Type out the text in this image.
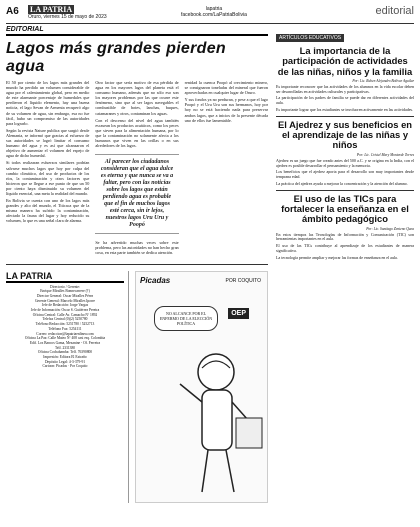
A6 LA PATRIA
Oruro, viernes 15 de mayo de 2023
lapatria
facebook.com/LaPatriaBolivia	editorial
EDITORIAL
Lagos más grandes pierden agua

El 50 por ciento de los lagos más grandes del mundo ha perdido un volumen considerable de agua por el calentamiento global, pero en medio de este alarmante porcentaje de humedales que perdieron el líquido elemento, hay una buena noticia, el lago Sevan de Armenia recuperó algo de su volumen de agua, sin embargo, esa no fue fácil, hubo un compromiso de las autoridades para lograrlo.

Según la revista Nature publica que surgió desde Alemania, se informó que gracias al esfuerzo de sus autoridades se logró limitar el consumo humano del agua y es así que alcanzaron el objetivo de aumentar el volumen del espejo de agua de dicho humedal.

Si todos realizaran esfuerzos similares podrían salvarse muchos lagos que hoy por culpa del cambio climático, del uso de productos de los ríos, la contaminación y otros factores que hicieron que se llegue a ese punto de que un 50 por ciento haya disminuido su volumen del líquido esencial, una meta la realidad del mundo.

En Bolivia se cuenta con uno de los lagos más grandes y alto del mundo, el Titicaca que de la misma manera ha sufrido la contaminación, afectado la fauna del lugar y hoy reducido su volumen, lo que es una señal clara de alarma.

Otro factor que sería motivo de esa pérdida de agua en los mayores lagos del planeta está el consumo humano, además que no sólo eso son los mayores problemas por las que ocurre este fenómeno, sino que al ser lagos navegables el combustible de botes, lanchas, buques, catamaranes y otros, contaminan los aguas.

Con el descenso del nivel del agua también escasean los productos acuáticos, como los peces que sirven para la alimentación humana, por lo que la contaminación no solamente afecta a los humanos que viven en las orillas o en sus alrededores de los lagos.

Al parecer los ciudadanos consideran que el agua dulce es eterna y que nunca se va a faltar, pero con las noticias sobre los lagos que están perdiendo agua es probable que el fin de muchos lagos esté cerca, sin ir lejos, nuestros lagos Uru Uru y Poopó

Se ha advertido muchas veces sobre este problema, pero las autoridades no han hecho gran cosa, en esta parte también se dedica atención.

renidad la cuenca Poopó al crecimiento minero, se consignaron toneladas del mineral que fueron aprovechadas en cualquier lugar de Oruro.

Y sus fondos ya no perduran, y pese a que el lago Poopó y el Uru Uru son sus hermanos, hoy por hoy no se está haciendo nada para preservar ambos lagos, que a inicios de la presente década uno de ellos fue lamentable.

LA PATRIA
Directorio / Gerente:
Enrique Miralles Bonnecarrere (†)
Director General: Oscar Miralles Pérez
Gerente General: Marcelo Miralles Iporre
Jefe de Redacción: Jorge Vargas
Jefe de Información: Oscar S. Gutiérrez Pereira
Oficina Central: Calle Av. Camacho Nº 1892
Telefax Central (0)(2) 5250780
Teléfono Redacción: 5251780 / 5252713
Teléfono Fax: 5254111
Correo: redaccion@lapatriaenlinea.com
Oficina La Paz: Calle Mateo Nº 408 casi esq. Colombia
Edif. Los Bancos Gama, Mezanine - Of. Ferreira
Telf. 2331380
Oficina Cochabamba: Telf. 76390800
Impresión: Editora El Extraño
Depósito Legal: 4-3-379-91
Cartoon: Picadas · Por Coquito
Picadas	POR COQUITO
NO ALCANCE POR EL ENFERMO DE LA ELECCIÓN POLÍTICA
OEP
ARTÍCULOS EDUCATIVOS
La importancia de la participación de actividades de las niñas, niños y la familia
Por: Lic. Ruben Alejandro Bolivar Aguilar

Es importante reconocer que las actividades de los alumnos en la vida escolar deben ser desarrolladas en actividades culturales y participativas.

La participación de los padres de familia se puede dar en diferentes actividades del aula.

Es importante lograr que los estudiantes se involucren activamente en las actividades.

El Ajedrez y sus beneficios en el aprendizaje de las niñas y niños
Por: Lic. Cristel Mary Monterde Torres

Ajedrez es un juego que fue creado antes del 500 a.C. y se origina en la India, con el ajedrez es posible desarrollar el pensamiento y la memoria.

Los beneficios que el ajedrez aporta para el desarrollo son muy importantes desde temprana edad.

La práctica del ajedrez ayuda a mejorar la concentración y la atención del alumno.

El uso de las TICs para fortalecer la enseñanza en el ámbito pedagógico
Por: Lic. Santiago Zenteno Quea

En estos tiempos las Tecnologías de Información y Comunicación (TIC) son herramientas importantes en el aula.

El uso de las TICs contribuye al aprendizaje de los estudiantes de manera significativa.

La tecnología permite ampliar y mejorar las formas de enseñanza en el aula.
